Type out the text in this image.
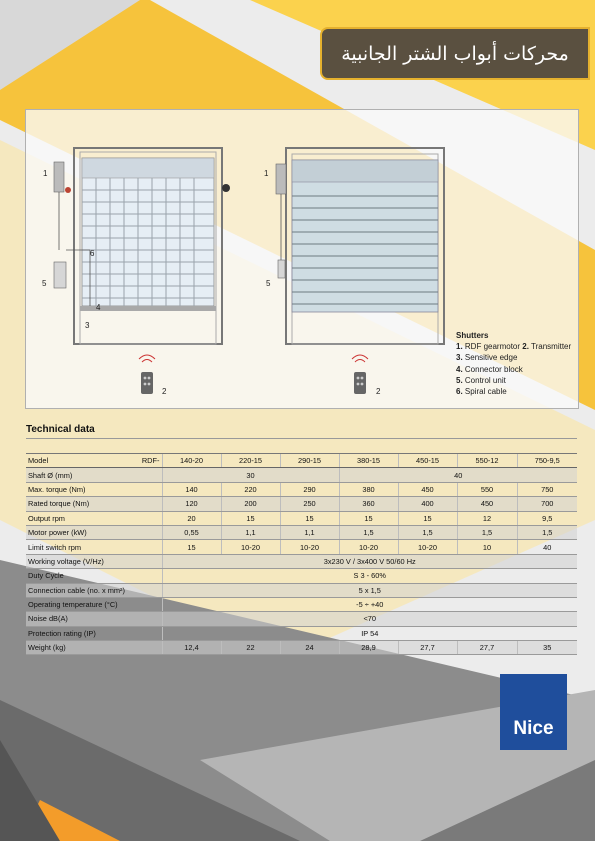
محركات أبواب الشتر الجانبية
1
5
6
4
3
1
5
2	2
Shutters
1. RDF gearmotor 2. Transmitter
3. Sensitive edge
4. Connector block
5. Control unit
6. Spiral cable
Technical data
Model	RDF-	140-20	220-15	290-15	380-15	450-15	550-12	750-9,5
Shaft Ø (mm)		30			40			
Max. torque (Nm)		140	220	290	380	450	550	750
Rated torque (Nm)		120	200	250	360	400	450	700
Output rpm		20	15	15	15	15	12	9,5
Motor power (kW)		0,55	1,1	1,1	1,5	1,5	1,5	1,5
Limit switch rpm		15	10-20	10-20	10-20	10-20	10	40
Working voltage (V/Hz)		3x230 V / 3x400 V 50/60 Hz						
Duty Cycle		S 3 - 60%						
Connection cable (no. x mm²)		5 x 1,5						
Operating temperature (°C)		-5 ÷ +40						
Noise dB(A)		<70						
Protection rating (IP)		IP 54						
Weight (kg)		12,4	22	24	28,9	27,7	27,7	35
Nice
